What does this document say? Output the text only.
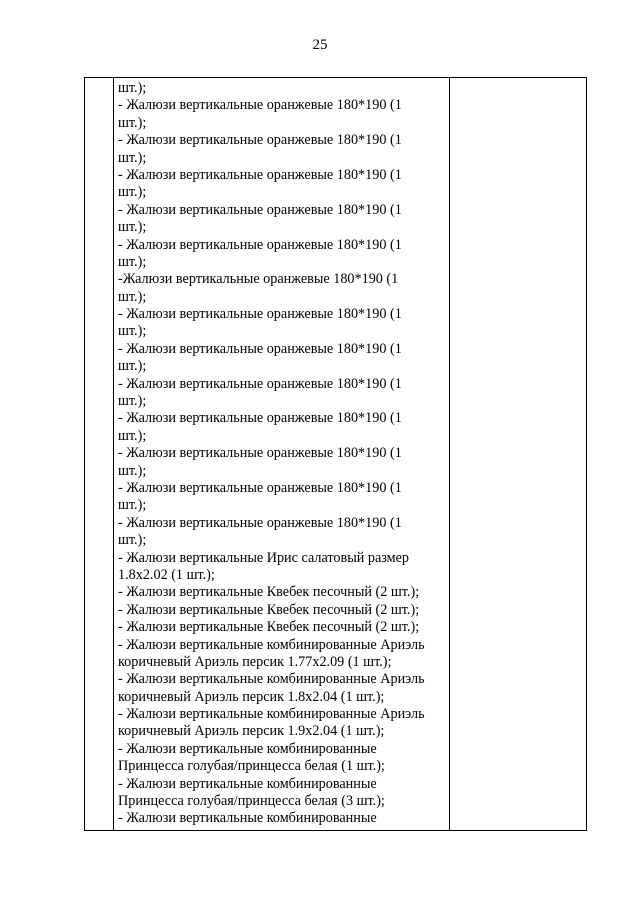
25
шт.);
- Жалюзи вертикальные оранжевые 180*190 (1
шт.);
- Жалюзи вертикальные оранжевые 180*190 (1
шт.);
- Жалюзи вертикальные оранжевые 180*190 (1
шт.);
- Жалюзи вертикальные оранжевые 180*190 (1
шт.);
- Жалюзи вертикальные оранжевые 180*190 (1
шт.);
-Жалюзи вертикальные оранжевые 180*190 (1
шт.);
- Жалюзи вертикальные оранжевые 180*190 (1
шт.);
- Жалюзи вертикальные оранжевые 180*190 (1
шт.);
- Жалюзи вертикальные оранжевые 180*190 (1
шт.);
- Жалюзи вертикальные оранжевые 180*190 (1
шт.);
- Жалюзи вертикальные оранжевые 180*190 (1
шт.);
- Жалюзи вертикальные оранжевые 180*190 (1
шт.);
- Жалюзи вертикальные оранжевые 180*190 (1
шт.);
- Жалюзи вертикальные Ирис салатовый размер
1.8х2.02 (1 шт.);
- Жалюзи вертикальные Квебек песочный (2 шт.);
- Жалюзи вертикальные Квебек песочный (2 шт.);
- Жалюзи вертикальные Квебек песочный (2 шт.);
- Жалюзи вертикальные комбинированные Ариэль
коричневый Ариэль персик 1.77х2.09 (1 шт.);
- Жалюзи вертикальные комбинированные Ариэль
коричневый Ариэль персик 1.8х2.04 (1 шт.);
- Жалюзи вертикальные комбинированные Ариэль
коричневый Ариэль персик 1.9х2.04 (1 шт.);
- Жалюзи вертикальные комбинированные
Принцесса голубая/принцесса белая (1 шт.);
- Жалюзи вертикальные комбинированные
Принцесса голубая/принцесса белая (3 шт.);
- Жалюзи вертикальные комбинированные
